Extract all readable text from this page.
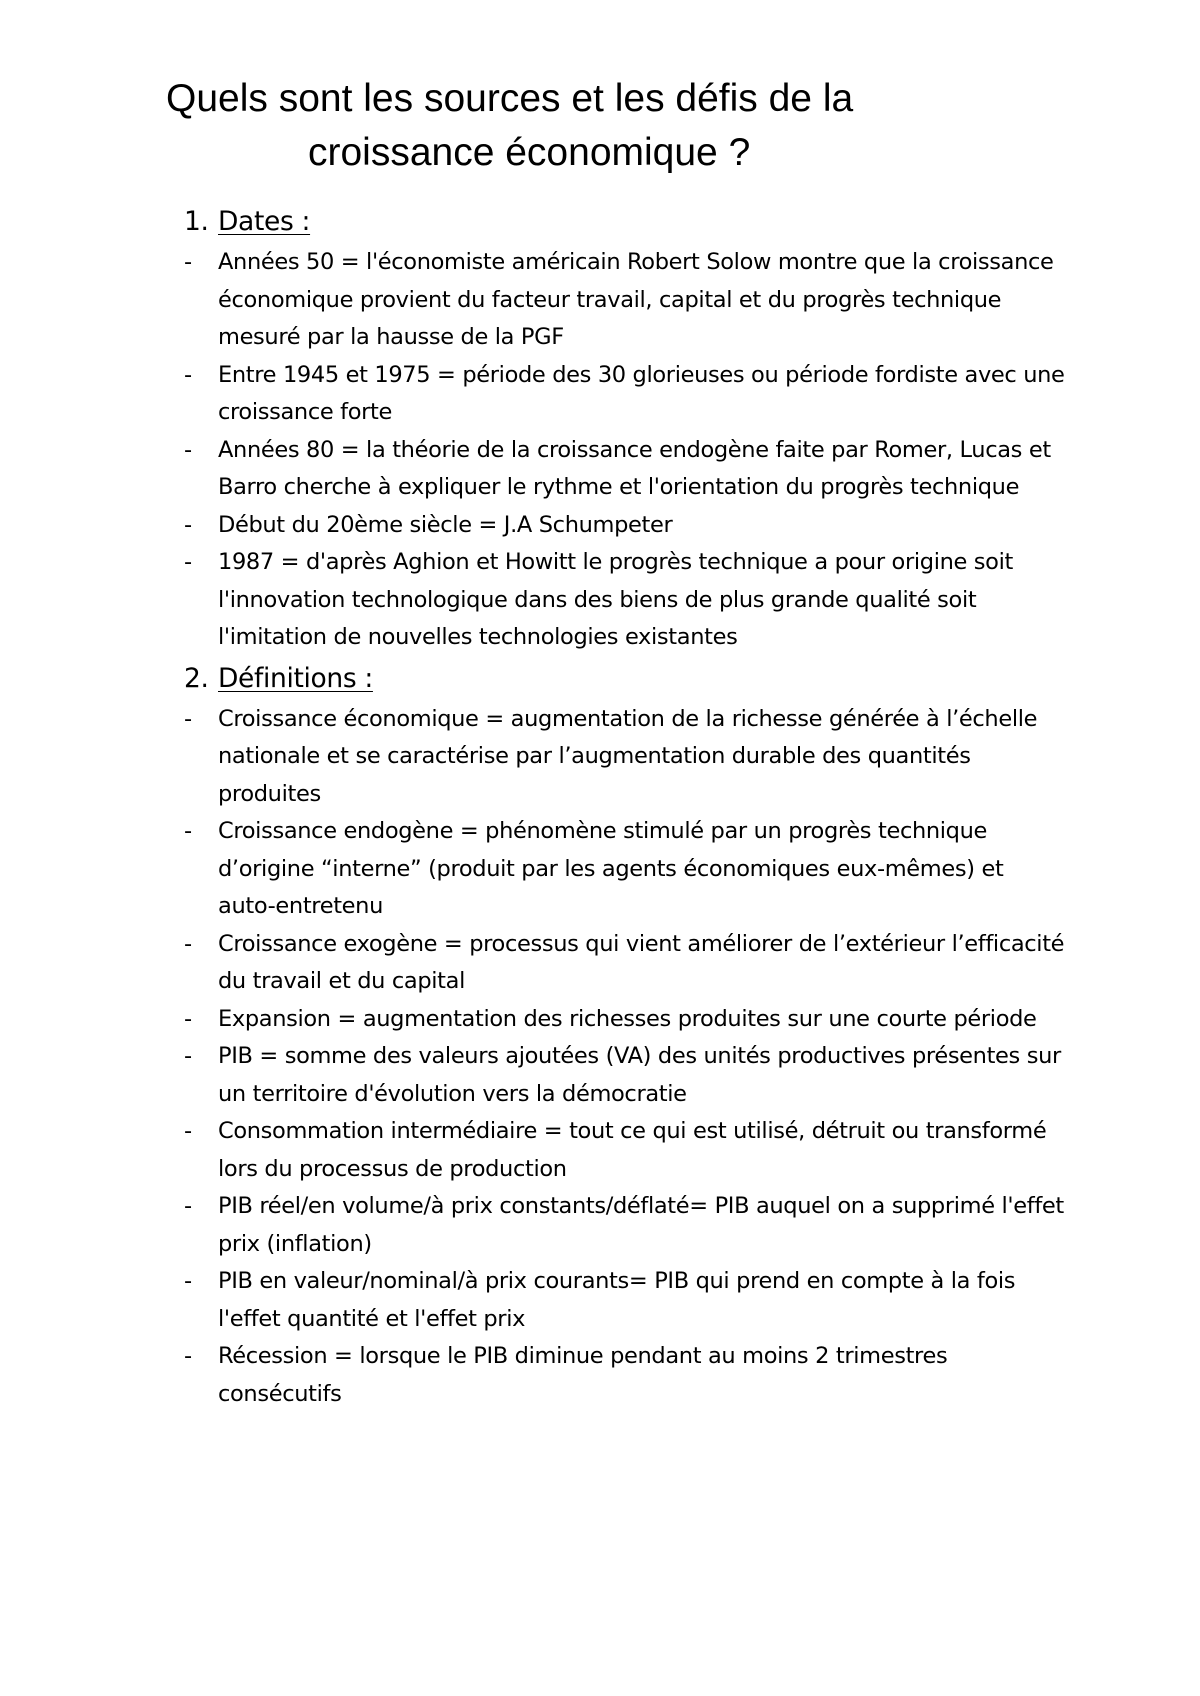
Quels sont les sources et les défis de la
croissance économique ?
1. Dates :
- Années 50 = l'économiste américain Robert Solow montre que la croissance économique provient du facteur travail, capital et du progrès technique mesuré par la hausse de la PGF
- Entre 1945 et 1975 = période des 30 glorieuses ou période fordiste avec une croissance forte
- Années 80 = la théorie de la croissance endogène faite par Romer, Lucas et Barro cherche à expliquer le rythme et l'orientation du progrès technique
- Début du 20ème siècle = J.A Schumpeter
- 1987 = d'après Aghion et Howitt le progrès technique a pour origine soit l'innovation technologique dans des biens de plus grande qualité soit l'imitation de nouvelles technologies existantes
2. Définitions :
- Croissance économique = augmentation de la richesse générée à l’échelle nationale et se caractérise par l’augmentation durable des quantités produites
- Croissance endogène = phénomène stimulé par un progrès technique d’origine “interne” (produit par les agents économiques eux-mêmes) et auto-entretenu
- Croissance exogène = processus qui vient améliorer de l’extérieur l’efficacité du travail et du capital
- Expansion = augmentation des richesses produites sur une courte période
- PIB = somme des valeurs ajoutées (VA) des unités productives présentes sur un territoire d'évolution vers la démocratie
- Consommation intermédiaire = tout ce qui est utilisé, détruit ou transformé lors du processus de production
- PIB réel/en volume/à prix constants/déflaté= PIB auquel on a supprimé l'effet prix (inflation)
- PIB en valeur/nominal/à prix courants= PIB qui prend en compte à la fois l'effet quantité et l'effet prix
- Récession = lorsque le PIB diminue pendant au moins 2 trimestres consécutifs
